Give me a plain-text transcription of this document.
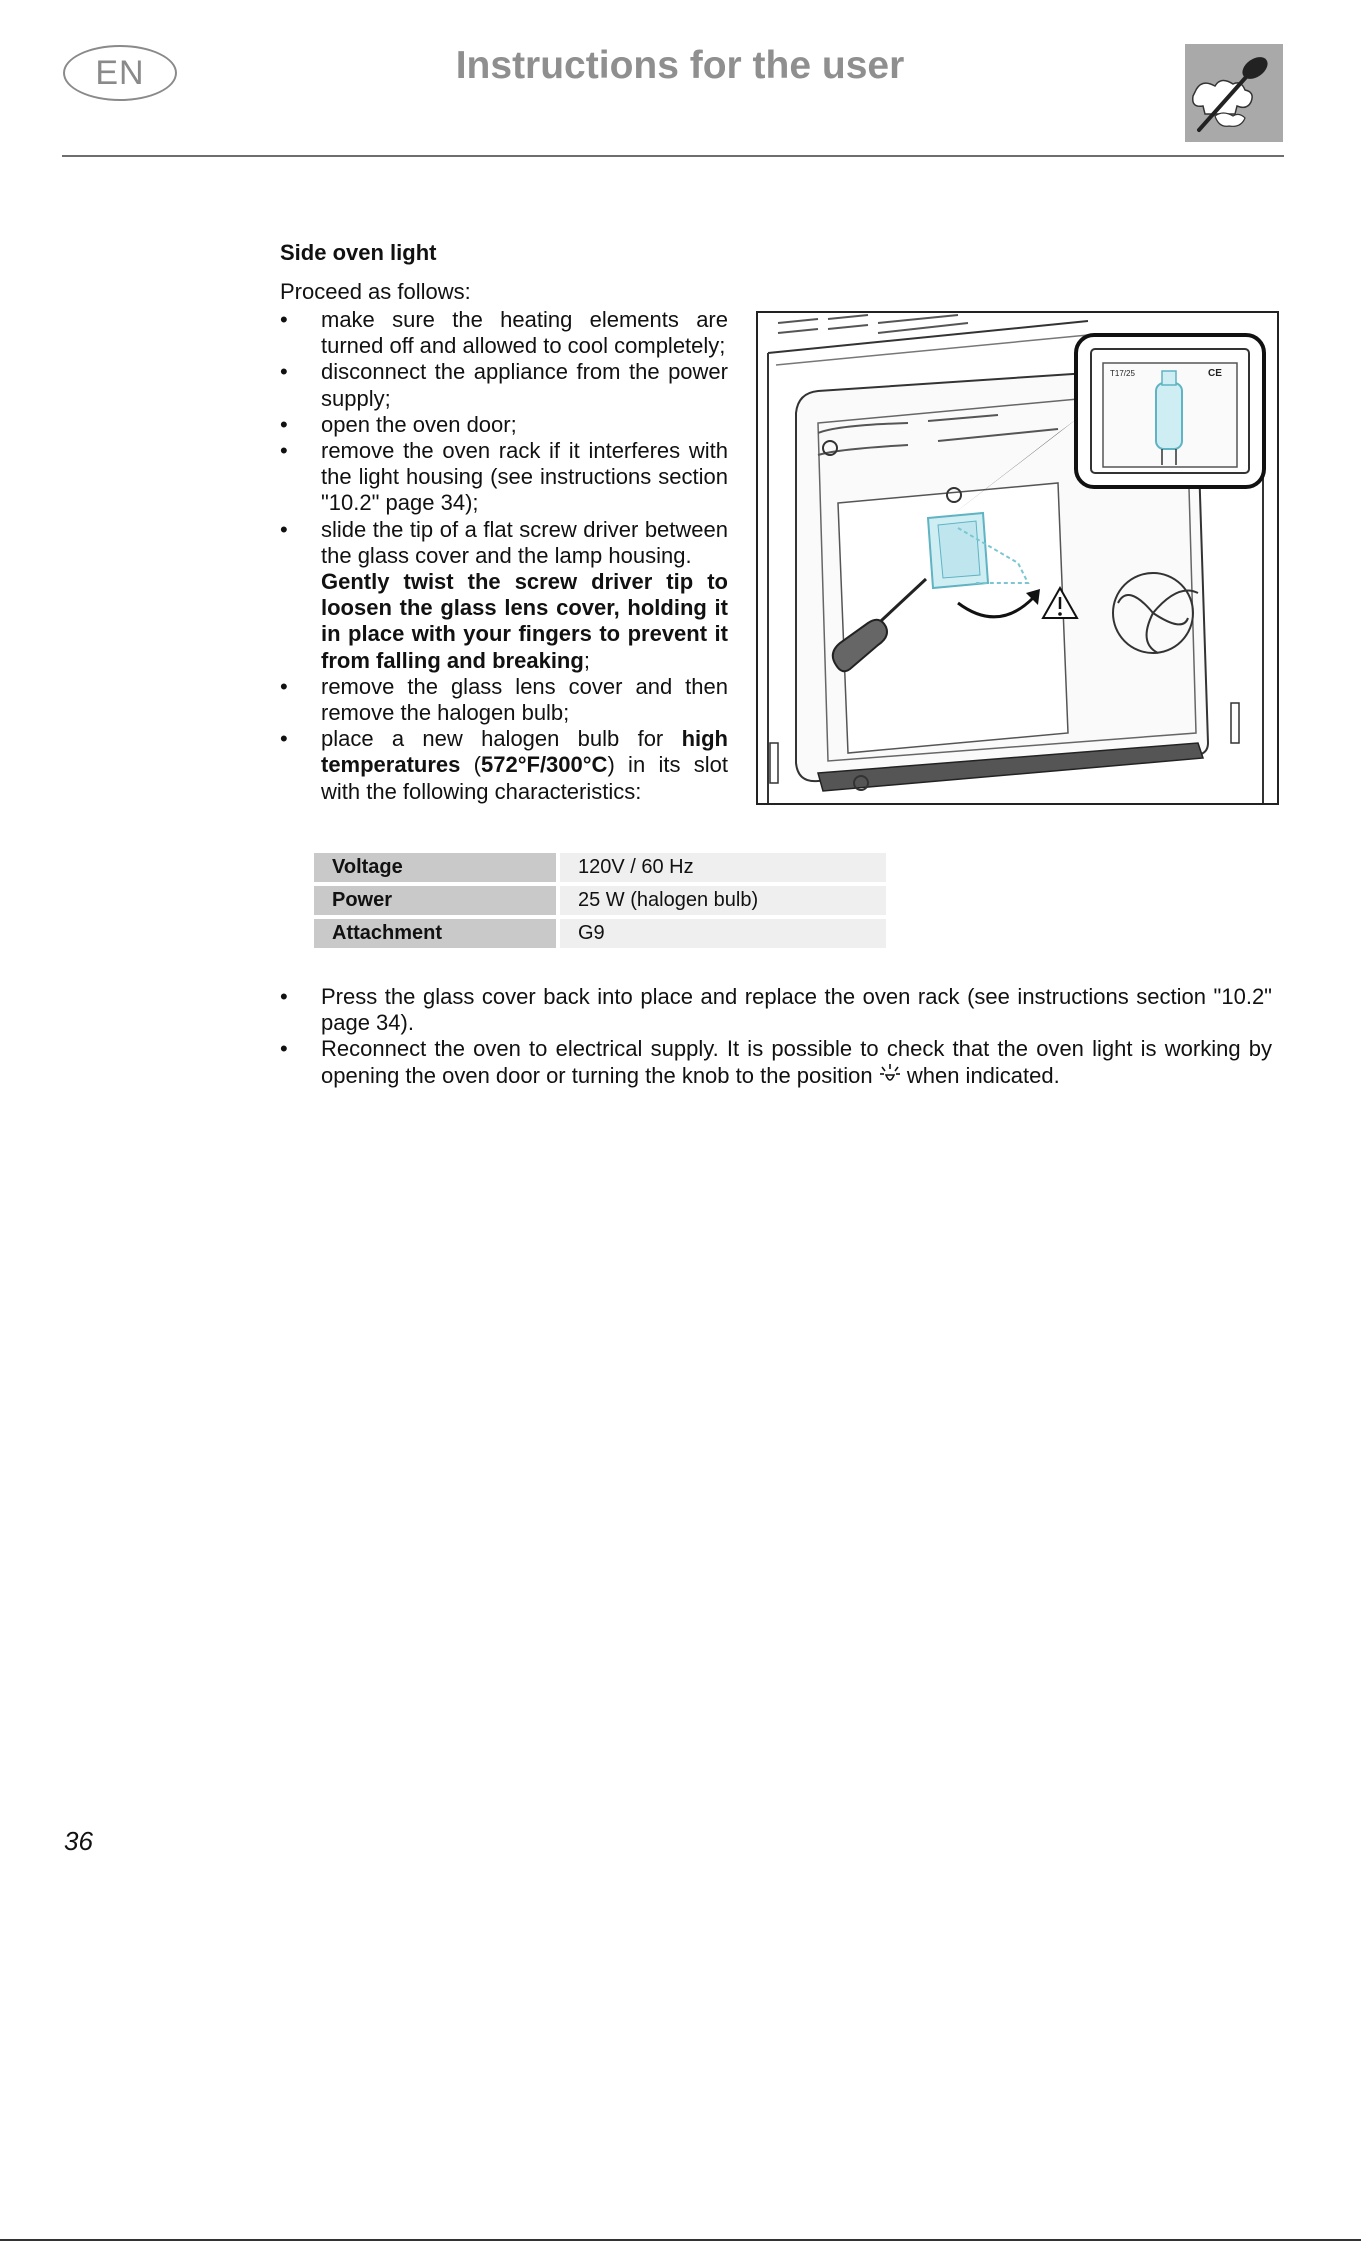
EN	Instructions for the user
Side oven light
Proceed as follows:
• make sure the heating elements are turned off and allowed to cool completely;
• disconnect the appliance from the power supply;
• open the oven door;
• remove the oven rack if it interferes with the light housing (see instructions section "10.2" page 34);
• slide the tip of a flat screw driver between the glass cover and the lamp housing.
Gently twist the screw driver tip to loosen the glass lens cover, holding it in place with your fingers to prevent it from falling and breaking;
• remove the glass lens cover and then remove the halogen bulb;
• place a new halogen bulb for high temperatures (572°F/300°C) in its slot with the following characteristics:
T17/25	CE
Voltage		120V / 60 Hz
Power		25 W (halogen bulb)
Attachment		G9
• Press the glass cover back into place and replace the oven rack (see instructions section "10.2" page 34).
• Reconnect the oven to electrical supply. It is possible to check that the oven light is working by opening the oven door or turning the knob to the position  when indicated.
36
